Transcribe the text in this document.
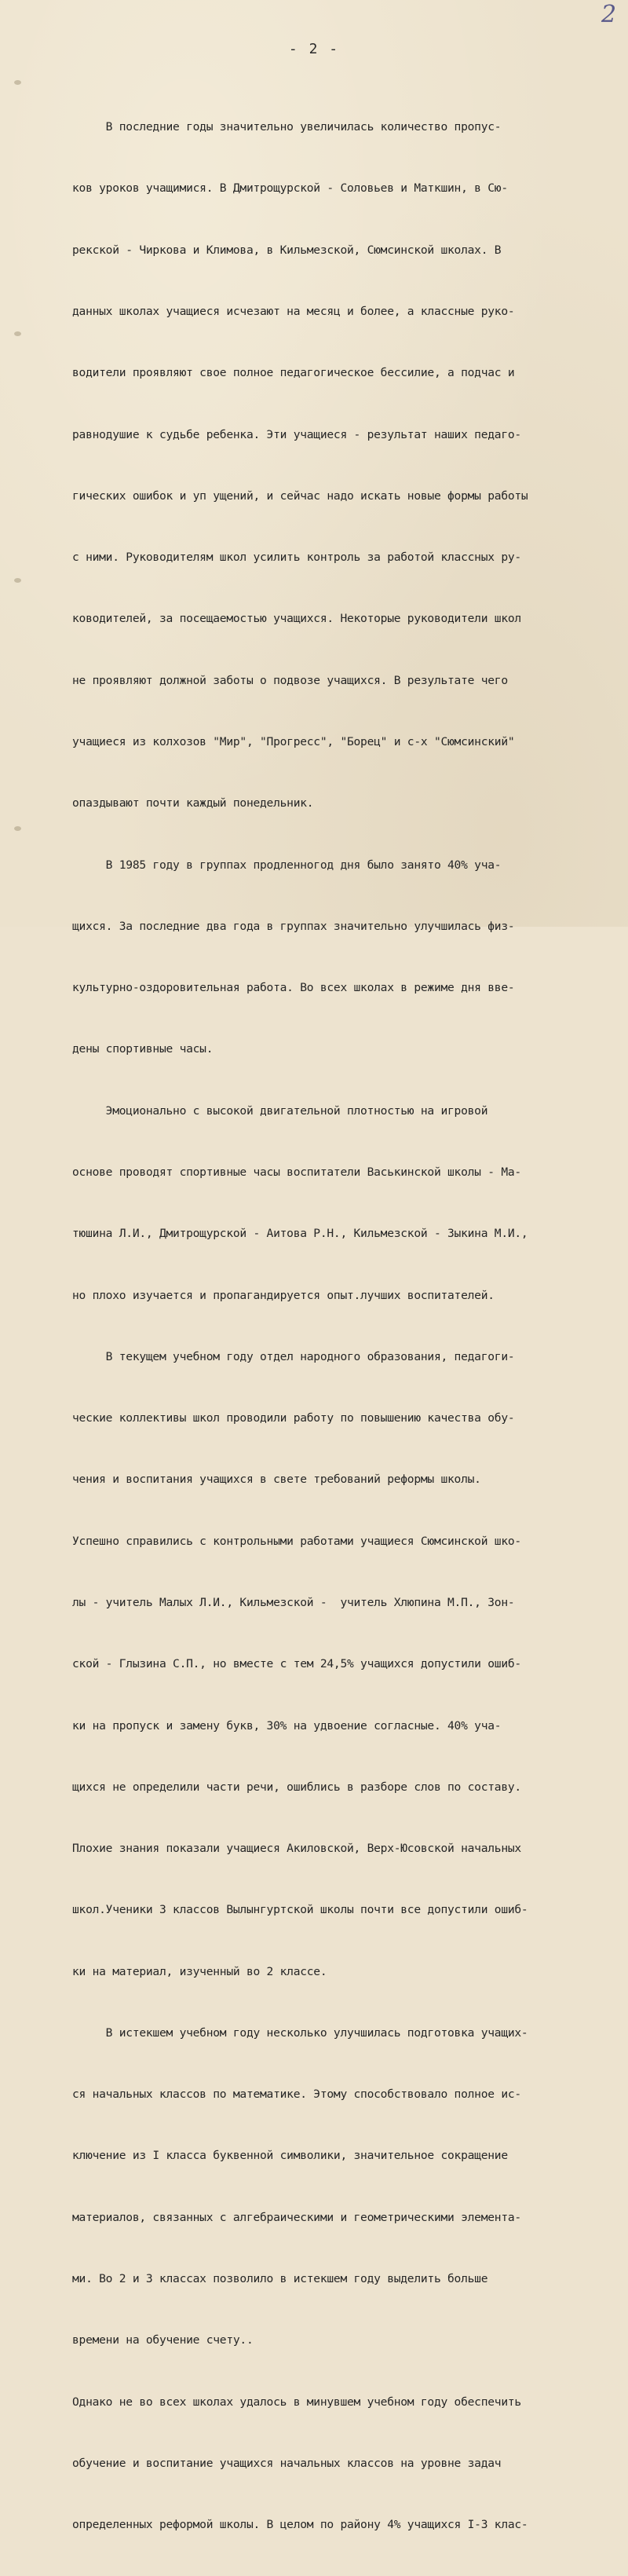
2
- 2 -

В последние годы значительно увеличилась количество пропус-

ков уроков учащимися. В Дмитрощурской - Соловьев и Маткшин, в Сю-

рекской - Чиркова и Климова, в Кильмезской, Сюмсинской школах. В

данных школах учащиеся исчезают на месяц и более, а классные руко-

водители проявляют свое полное педагогическое бессилие, а подчас и

равнодушие к судьбе ребенка. Эти учащиеся - результат наших педаго-

гических ошибок и уп ущений, и сейчас надо искать новые формы работы

с ними. Руководителям школ усилить контроль за работой классных ру-

ководителей, за посещаемостью учащихся. Некоторые руководители школ

не проявляют должной заботы о подвозе учащихся. В результате чего

учащиеся из колхозов "Мир", "Прогресс", "Борец" и с-х "Сюмсинский"

опаздывают почти каждый понедельник.

В 1985 году в группах продленногод дня было занято 40% уча-

щихся. За последние два года в группах значительно улучшилась физ-

культурно-оздоровительная работа. Во всех школах в режиме дня вве-

дены спортивные часы.

Эмоционально с высокой двигательной плотностью на игровой

основе проводят спортивные часы воспитатели Васькинской школы - Ма-

тюшина Л.И., Дмитрощурской - Аитова Р.Н., Кильмезской - Зыкина М.И.,

но плохо изучается и пропагандируется опыт.лучших воспитателей.

В текущем учебном году отдел народного образования, педагоги-

ческие коллективы школ проводили работу по повышению качества обу-

чения и воспитания учащихся в свете требований реформы школы.

Успешно справились с контрольными работами учащиеся Сюмсинской шко-

лы - учитель Малых Л.И., Кильмезской -  учитель Хлюпина М.П., Зон-

ской - Глызина С.П., но вместе с тем 24,5% учащихся допустили ошиб-

ки на пропуск и замену букв, 30% на удвоение согласные. 40% уча-

щихся не определили части речи, ошиблись в разборе слов по составу.

Плохие знания показали учащиеся Акиловской, Верх-Юсовской начальных

школ.Ученики 3 классов Вылынгуртской школы почти все допустили ошиб-

ки на материал, изученный во 2 классе.

В истекшем учебном году несколько улучшилась подготовка учащих-

ся начальных классов по математике. Этому способствовало полное ис-

ключение из I класса буквенной символики, значительное сокращение

материалов, связанных с алгебраическими и геометрическими элемента-

ми. Во 2 и 3 классах позволило в истекшем году выделить больше

времени на обучение счету..

Однако не во всех школах удалось в минувшем учебном году обеспечить

обучение и воспитание учащихся начальных классов на уровне задач

определенных реформой школы. В целом по району 4% учащихся I-3 клас-
